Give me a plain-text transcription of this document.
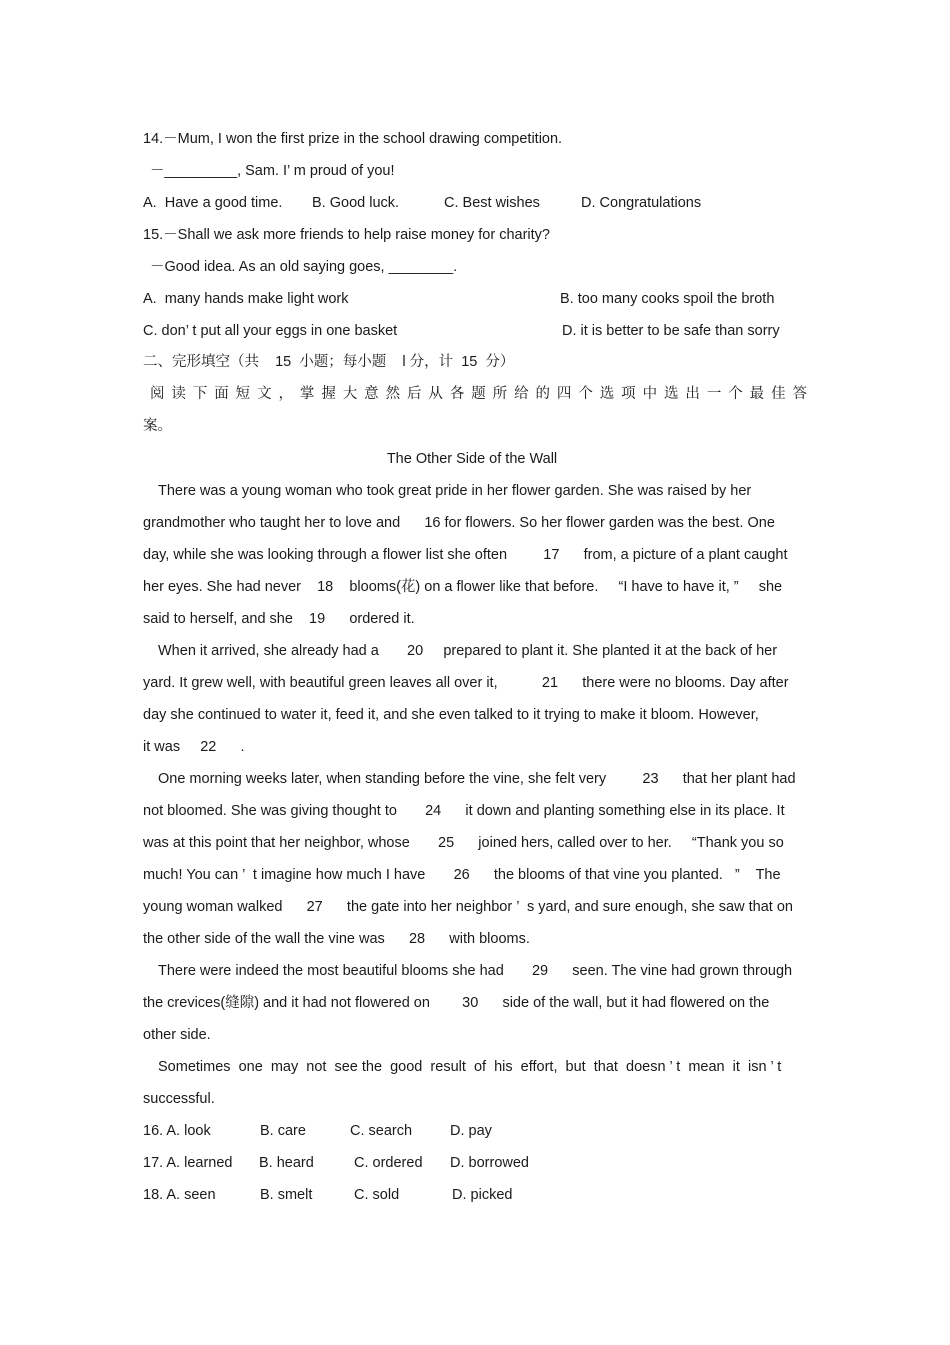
14.－Mum, I won the first prize in the school drawing competition.
－_________, Sam. I’ m proud of you!
A.  Have a good time. B. Good luck.	C. Best wishes	D. Congratulations
15.－Shall we ask more friends to help raise money for charity?
－Good idea. As an old saying goes, ________.
A.  many hands make light work	B. too many cooks spoil the broth
C. don’ t put all your eggs in one basket	D. it is better to be safe than sorry
二、完形填空（共    15  小题；每小题    l 分，计  15  分）
阅 读 下 面 短 文 ， 掌 握 大 意 然 后 从 各 题 所 给 的 四 个 选 项 中 选 出 一 个 最 佳 答
案。
The Other Side of the Wall
There was a young woman who took great pride in her flower garden. She was raised by her
grandmother who taught her to love and      16 for flowers. So her flower garden was the best. One
day, while she was looking through a flower list she often         17      from, a picture of a plant caught
her eyes. She had never    18    blooms(花) on a flower like that before.     “I have to have it, ”     she
said to herself, and she    19      ordered it.
When it arrived, she already had a       20     prepared to plant it. She planted it at the back of her
yard. It grew well, with beautiful green leaves all over it,           21      there were no blooms. Day after
day she continued to water it, feed it, and she even talked to it trying to make it bloom. However,
it was     22      .
One morning weeks later, when standing before the vine, she felt very         23      that her plant had
not bloomed. She was giving thought to       24      it down and planting something else in its place. It
was at this point that her neighbor, whose       25      joined hers, called over to her.     “Thank you so
much! You can ’  t imagine how much I have       26      the blooms of that vine you planted.   ”    The
young woman walked      27      the gate into her neighbor ’  s yard, and sure enough, she saw that on
the other side of the wall the vine was      28      with blooms.
There were indeed the most beautiful blooms she had       29      seen. The vine had grown through
the crevices(缝隙) and it had not flowered on        30      side of the wall, but it had flowered on the
other side.
Sometimes  one  may  not  see the  good  result  of  his  effort,  but  that  doesn ’ t  mean  it  isn ’ t
successful.
16. A. look	B. care	C. search	D. pay
17. A. learned B. heard	C. ordered D. borrowed
18. A. seen	B. smelt	C. sold	D. picked
